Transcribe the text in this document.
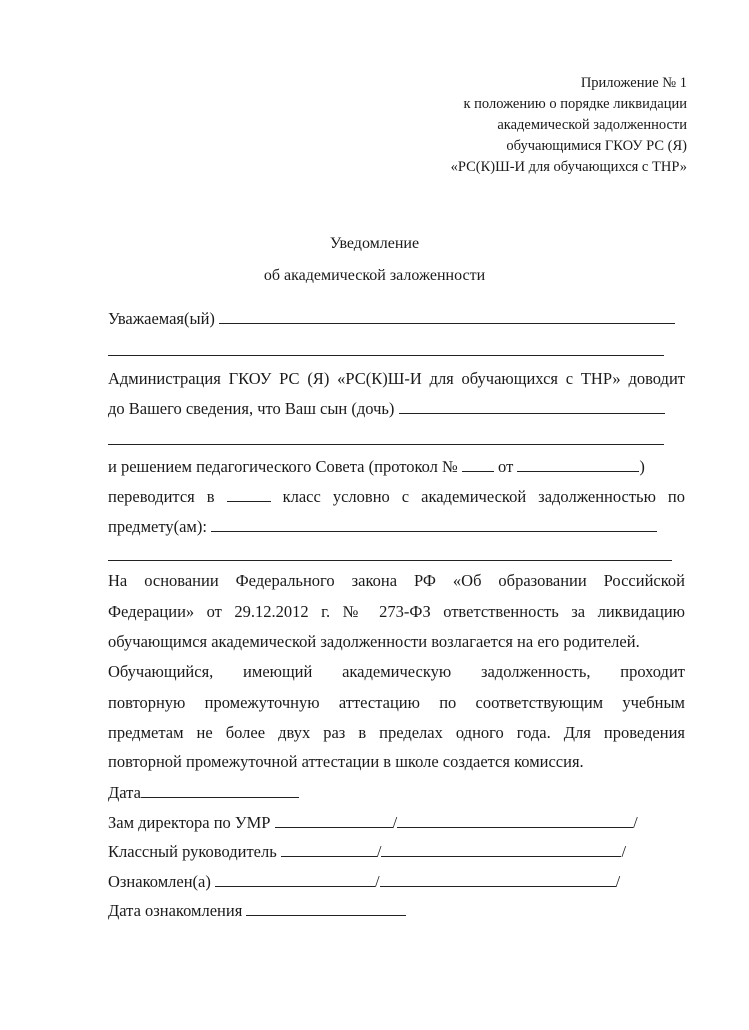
Приложение № 1
к положению о порядке ликвидации
академической задолженности
обучающимися ГКОУ РС (Я)
«РС(К)Ш-И для обучающихся с ТНР»
Уведомление
об академической заложенности
Уважаемая(ый)
Администрация ГКОУ РС (Я) «РС(К)Ш-И для обучающихся с ТНР» доводит
до Вашего сведения, что Ваш сын (дочь)
и решением педагогического Совета (протокол № от	)
переводится в	класс условно с академической задолженностью по
предмету(ам):
На основании Федерального закона РФ «Об образовании Российской
Федерации» от 29.12.2012 г. № 273-ФЗ ответственность за ликвидацию
обучающимся академической задолженности возлагается на его родителей.
Обучающийся, имеющий академическую задолженность, проходит
повторную промежуточную аттестацию по соответствующим учебным
предметам не более двух раз в пределах одного года. Для проведения
повторной промежуточной аттестации в школе создается комиссия.
Дата
Зам директора по УМР	/	/
Классный руководитель	/	/
Ознакомлен(а)	/	/
Дата ознакомления
